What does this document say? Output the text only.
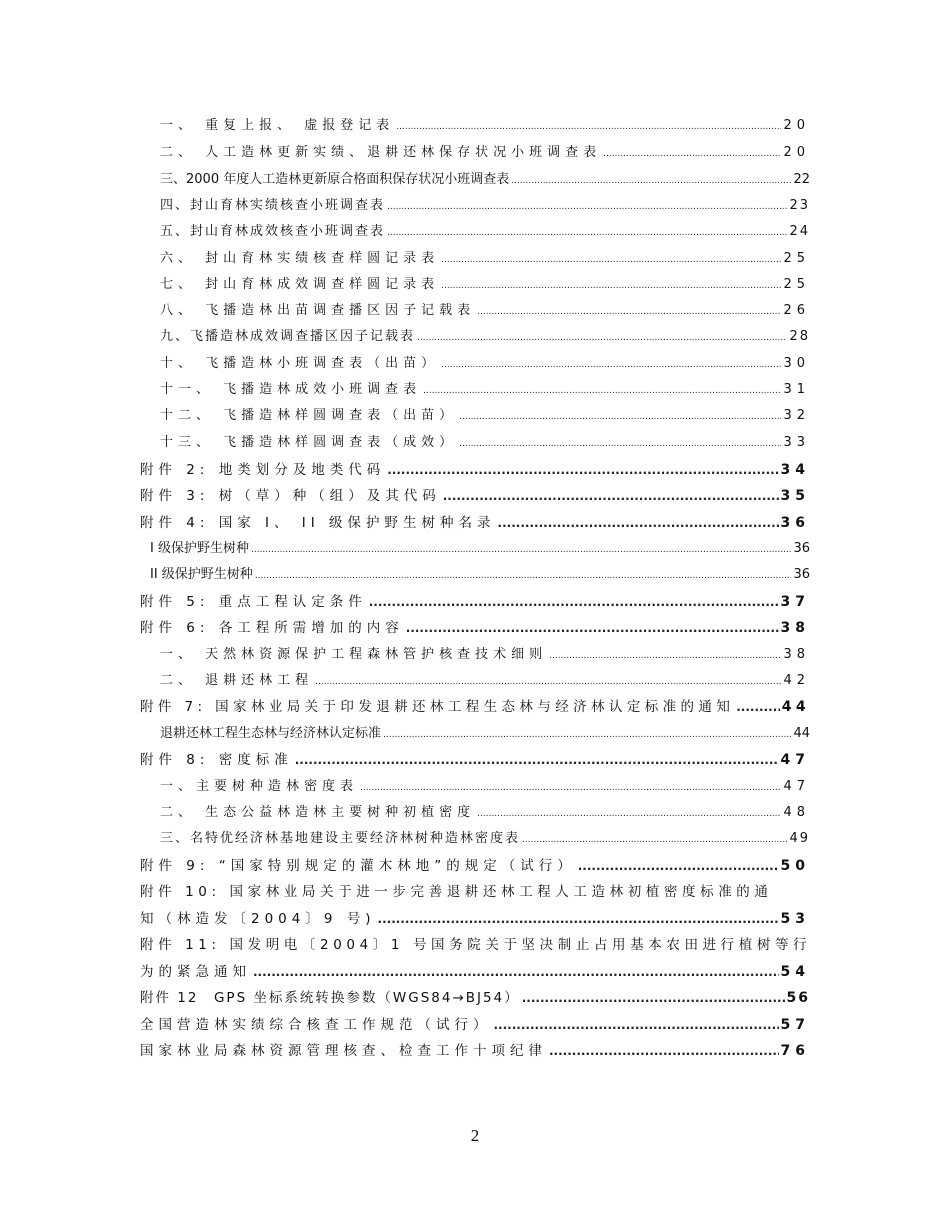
一、 重复上报、 虚报登记表 .....	20
二、 人工造林更新实绩、退耕还林保存状况小班调查表 .....	20
三、2000 年度人工造林更新原合格面积保存状况小班调查表 .....	22
四、封山育林实绩核查小班调查表 .....	23
五、封山育林成效核查小班调查表 .....	24
六、 封山育林实绩核查样圆记录表 .....	25
七、 封山育林成效调查样圆记录表 .....	25
八、 飞播造林出苗调查播区因子记载表 .....	26
九、飞播造林成效调查播区因子记载表 .....	28
十、 飞播造林小班调查表（出苗） .....	30
十一、 飞播造林成效小班调查表 .....	31
十二、 飞播造林样圆调查表（出苗） .....	32
十三、 飞播造林样圆调查表（成效） .....	33
附件 2: 地类划分及地类代码 .....	34
附件 3: 树（草）种（组）及其代码 .....	35
附件 4: 国家 I、 II 级保护野生树种名录 .....	36
I 级保护野生树种 .....	36
II 级保护野生树种 .....	36
附件 5: 重点工程认定条件 .....	37
附件 6: 各工程所需增加的内容 .....	38
一、 天然林资源保护工程森林管护核查技术细则 .....	38
二、 退耕还林工程 .....	42
附件 7: 国家林业局关于印发退耕还林工程生态林与经济林认定标准的通知 .....	44
退耕还林工程生态林与经济林认定标准 .....	44
附件 8: 密度标准 .....	47
一、主要树种造林密度表 .....	47
二、 生态公益林造林主要树种初植密度 .....	48
三、名特优经济林基地建设主要经济林树种造林密度表 .....	49
附件 9: “国家特别规定的灌木林地”的规定（试行） .....	50
附件 10: 国家林业局关于进一步完善退耕还林工程人工造林初植密度标准的通
知（林造发〔2004〕9 号) .....	53
附件 11: 国发明电〔2004〕1 号国务院关于坚决制止占用基本农田进行植树等行
为的紧急通知 .....	54
附件 12　GPS 坐标系统转换参数（WGS84→BJ54） .....	56
全国营造林实绩综合核查工作规范（试行） .....	57
国家林业局森林资源管理核查、检查工作十项纪律 .....	76
2
